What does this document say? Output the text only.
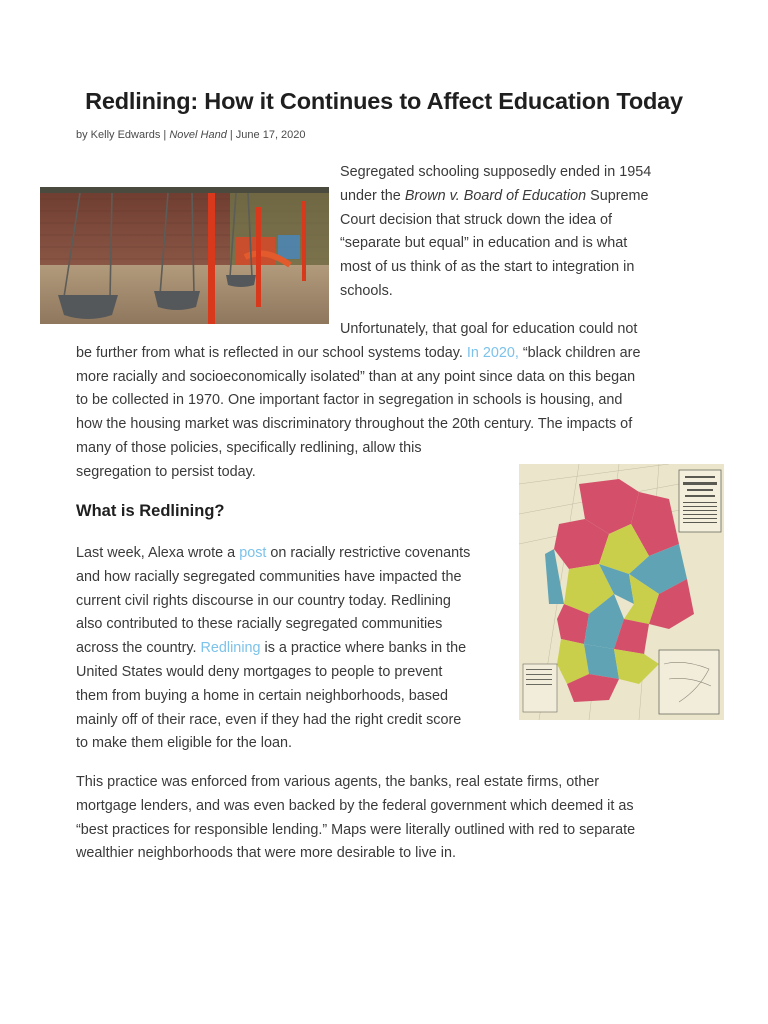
Redlining: How it Continues to Affect Education Today
by Kelly Edwards | Novel Hand | June 17, 2020

Segregated schooling supposedly ended in 1954
under the Brown v. Board of Education Supreme
Court decision that struck down the idea of
“separate but equal” in education and is what
most of us think of as the start to integration in
schools.

Unfortunately, that goal for education could not
be further from what is reflected in our school systems today. In 2020, “black children are
more racially and socioeconomically isolated” than at any point since data on this began
to be collected in 1970. One important factor in segregation in schools is housing, and
how the housing market was discriminatory throughout the 20th century. The impacts of
many of those policies, specifically redlining, allow this
segregation to persist today.

What is Redlining?

Last week, Alexa wrote a post on racially restrictive covenants
and how racially segregated communities have impacted the
current civil rights discourse in our country today. Redlining
also contributed to these racially segregated communities
across the country. Redlining is a practice where banks in the
United States would deny mortgages to people to prevent
them from buying a home in certain neighborhoods, based
mainly off of their race, even if they had the right credit score
to make them eligible for the loan.

This practice was enforced from various agents, the banks, real estate firms, other
mortgage lenders, and was even backed by the federal government which deemed it as
“best practices for responsible lending.” Maps were literally outlined with red to separate
wealthier neighborhoods that were more desirable to live in.
